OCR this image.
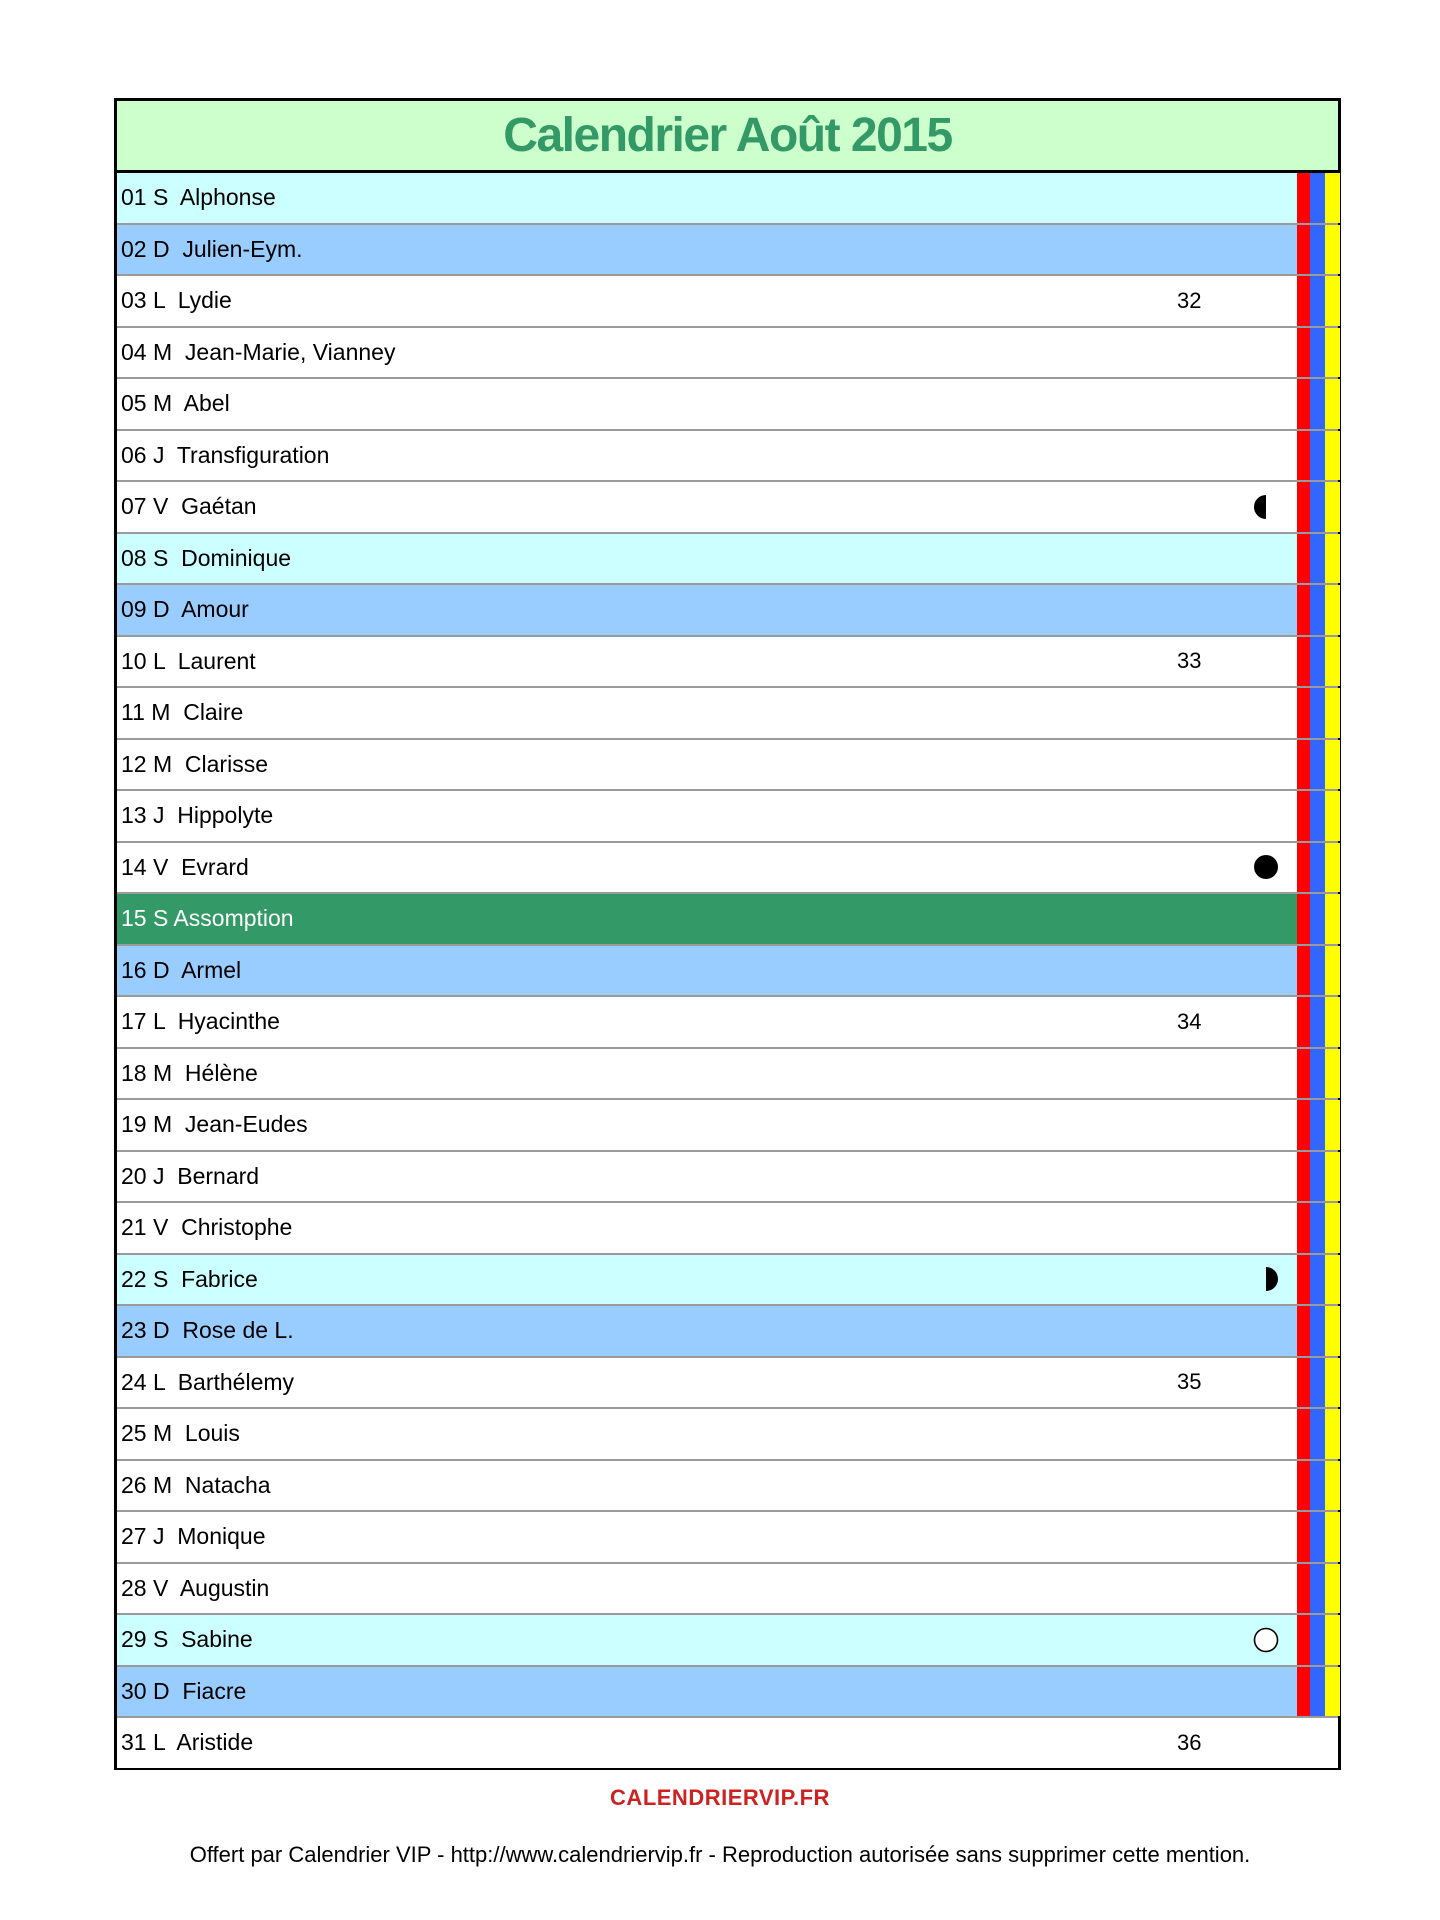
Calendrier Août 2015
01 S  Alphonse
02 D  Julien-Eym.
03 L  Lydie	32
04 M  Jean-Marie, Vianney
05 M  Abel
06 J  Transfiguration
07 V  Gaétan
08 S  Dominique
09 D  Amour
10 L  Laurent	33
11 M  Claire
12 M  Clarisse
13 J  Hippolyte
14 V  Evrard
15 S Assomption
16 D  Armel
17 L  Hyacinthe	34
18 M  Hélène
19 M  Jean-Eudes
20 J  Bernard
21 V  Christophe
22 S  Fabrice
23 D  Rose de L.
24 L  Barthélemy	35
25 M  Louis
26 M  Natacha
27 J  Monique
28 V  Augustin
29 S  Sabine
30 D  Fiacre
31 L  Aristide	36
CALENDRIERVIP.FR
Offert par Calendrier VIP - http://www.calendriervip.fr - Reproduction autorisée sans supprimer cette mention.
